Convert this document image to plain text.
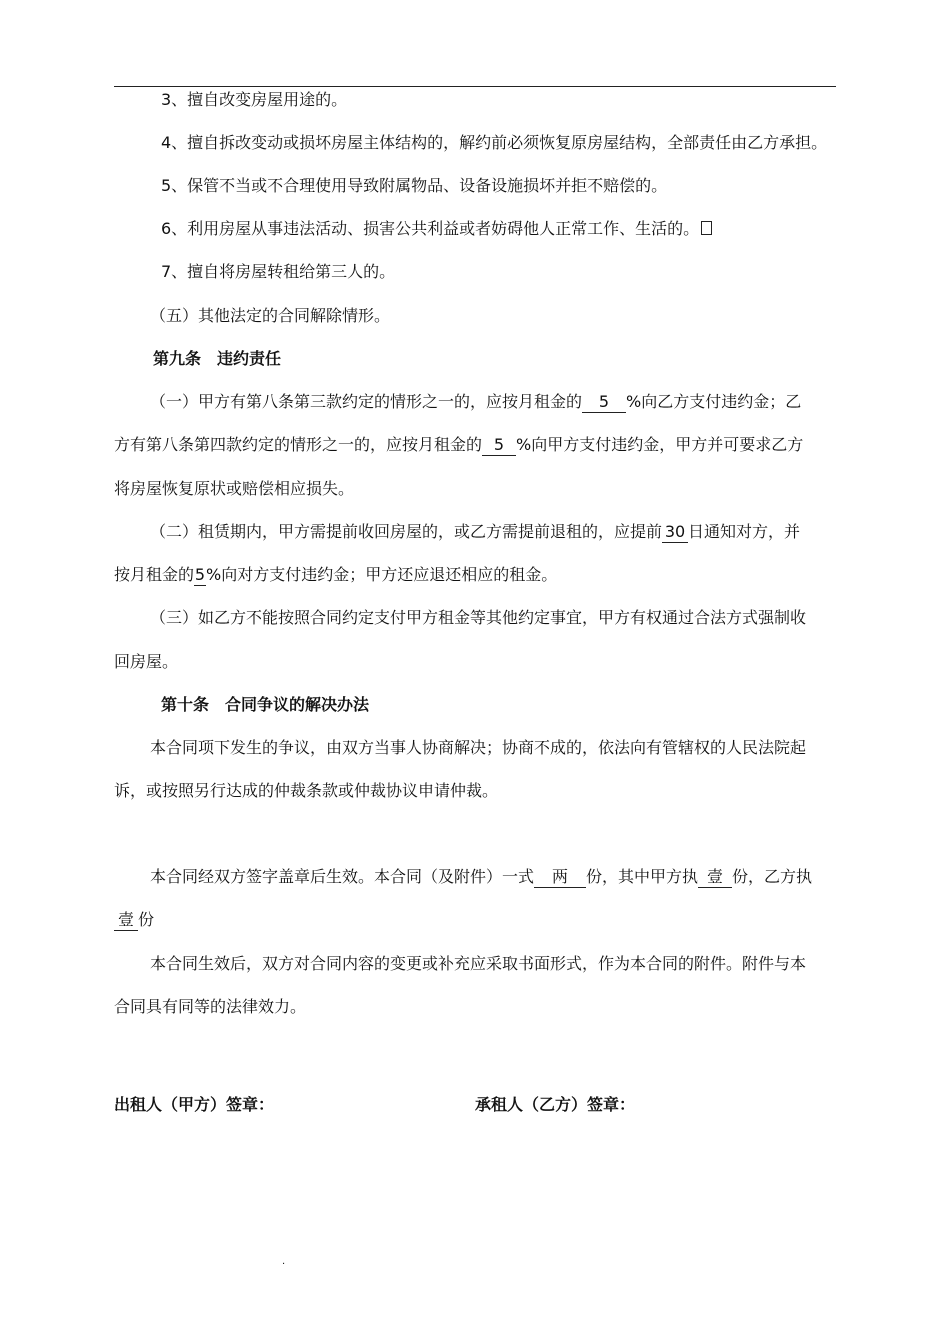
3、擅自改变房屋用途的。
4、擅自拆改变动或损坏房屋主体结构的，解约前必须恢复原房屋结构，全部责任由乙方承担。
5、保管不当或不合理使用导致附属物品、设备设施损坏并拒不赔偿的。
6、利用房屋从事违法活动、损害公共利益或者妨碍他人正常工作、生活的。
7、擅自将房屋转租给第三人的。
（五）其他法定的合同解除情形。
第九条　违约责任
（一）甲方有第八条第三款约定的情形之一的，应按月租金的 5 %向乙方支付违约金；乙
方有第八条第四款约定的情形之一的，应按月租金的 5 %向甲方支付违约金，甲方并可要求乙方
将房屋恢复原状或赔偿相应损失。
（二）租赁期内，甲方需提前收回房屋的，或乙方需提前退租的，应提前 30 日通知对方，并
按月租金的5%向对方支付违约金；甲方还应退还相应的租金。
（三）如乙方不能按照合同约定支付甲方租金等其他约定事宜，甲方有权通过合法方式强制收
回房屋。
第十条　合同争议的解决办法
本合同项下发生的争议，由双方当事人协商解决；协商不成的，依法向有管辖权的人民法院起
诉，或按照另行达成的仲裁条款或仲裁协议申请仲裁。
本合同经双方签字盖章后生效。本合同（及附件）一式 两 份，其中甲方执 壹 份，乙方执
壹 份
本合同生效后，双方对合同内容的变更或补充应采取书面形式，作为本合同的附件。附件与本
合同具有同等的法律效力。
出租人（甲方）签章：	承租人（乙方）签章：
.
